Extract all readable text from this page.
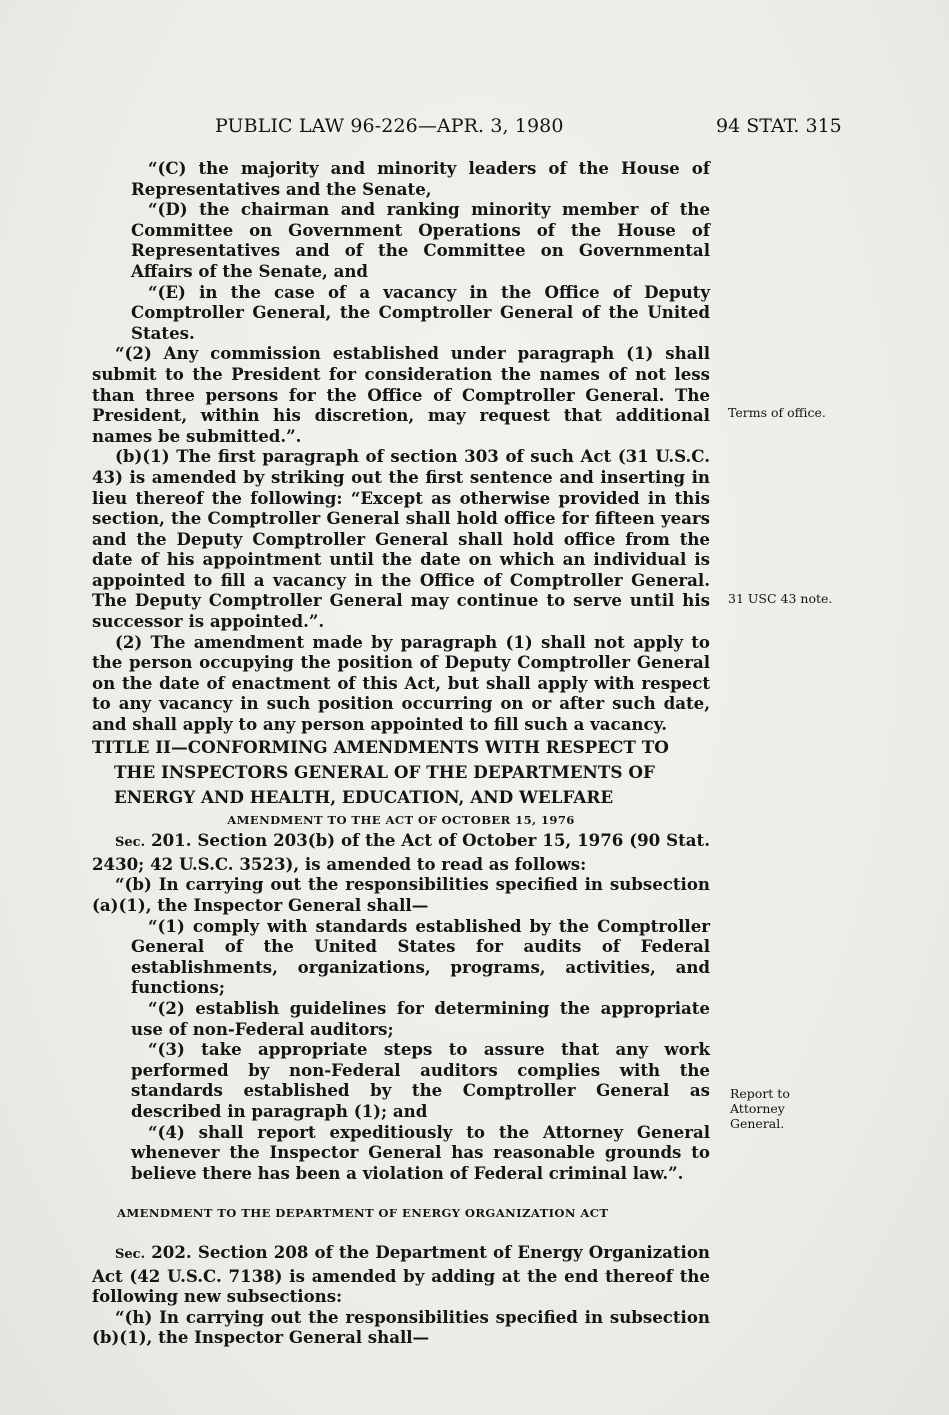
PUBLIC LAW 96-226—APR. 3, 1980	94 STAT. 315

“(C) the majority and minority leaders of the House of Representatives and the Senate,

“(D) the chairman and ranking minority member of the Committee on Government Operations of the House of Representatives and of the Committee on Governmental Affairs of the Senate, and

“(E) in the case of a vacancy in the Office of Deputy Comptroller General, the Comptroller General of the United States.

“(2) Any commission established under paragraph (1) shall submit to the President for consideration the names of not less than three persons for the Office of Comptroller General. The President, within his discretion, may request that additional names be submitted.”.

(b)(1) The first paragraph of section 303 of such Act (31 U.S.C. 43) is amended by striking out the first sentence and inserting in lieu thereof the following: “Except as otherwise provided in this section, the Comptroller General shall hold office for fifteen years and the Deputy Comptroller General shall hold office from the date of his appointment until the date on which an individual is appointed to fill a vacancy in the Office of Comptroller General. The Deputy Comptroller General may continue to serve until his successor is appointed.”.

(2) The amendment made by paragraph (1) shall not apply to the person occupying the position of Deputy Comptroller General on the date of enactment of this Act, but shall apply with respect to any vacancy in such position occurring on or after such date, and shall apply to any person appointed to fill such a vacancy.

TITLE II—CONFORMING AMENDMENTS WITH RESPECT TO THE INSPECTORS GENERAL OF THE DEPARTMENTS OF ENERGY AND HEALTH, EDUCATION, AND WELFARE

AMENDMENT TO THE ACT OF OCTOBER 15, 1976

Sec. 201. Section 203(b) of the Act of October 15, 1976 (90 Stat. 2430; 42 U.S.C. 3523), is amended to read as follows:

“(b) In carrying out the responsibilities specified in subsection (a)(1), the Inspector General shall—

“(1) comply with standards established by the Comptroller General of the United States for audits of Federal establishments, organizations, programs, activities, and functions;

“(2) establish guidelines for determining the appropriate use of non-Federal auditors;

“(3) take appropriate steps to assure that any work performed by non-Federal auditors complies with the standards established by the Comptroller General as described in paragraph (1); and

“(4) shall report expeditiously to the Attorney General whenever the Inspector General has reasonable grounds to believe there has been a violation of Federal criminal law.”.

AMENDMENT TO THE DEPARTMENT OF ENERGY ORGANIZATION ACT

Sec. 202. Section 208 of the Department of Energy Organization Act (42 U.S.C. 7138) is amended by adding at the end thereof the following new subsections:

“(h) In carrying out the responsibilities specified in subsection (b)(1), the Inspector General shall—

Terms of office.
31 USC 43 note.
Report to
Attorney
General.
